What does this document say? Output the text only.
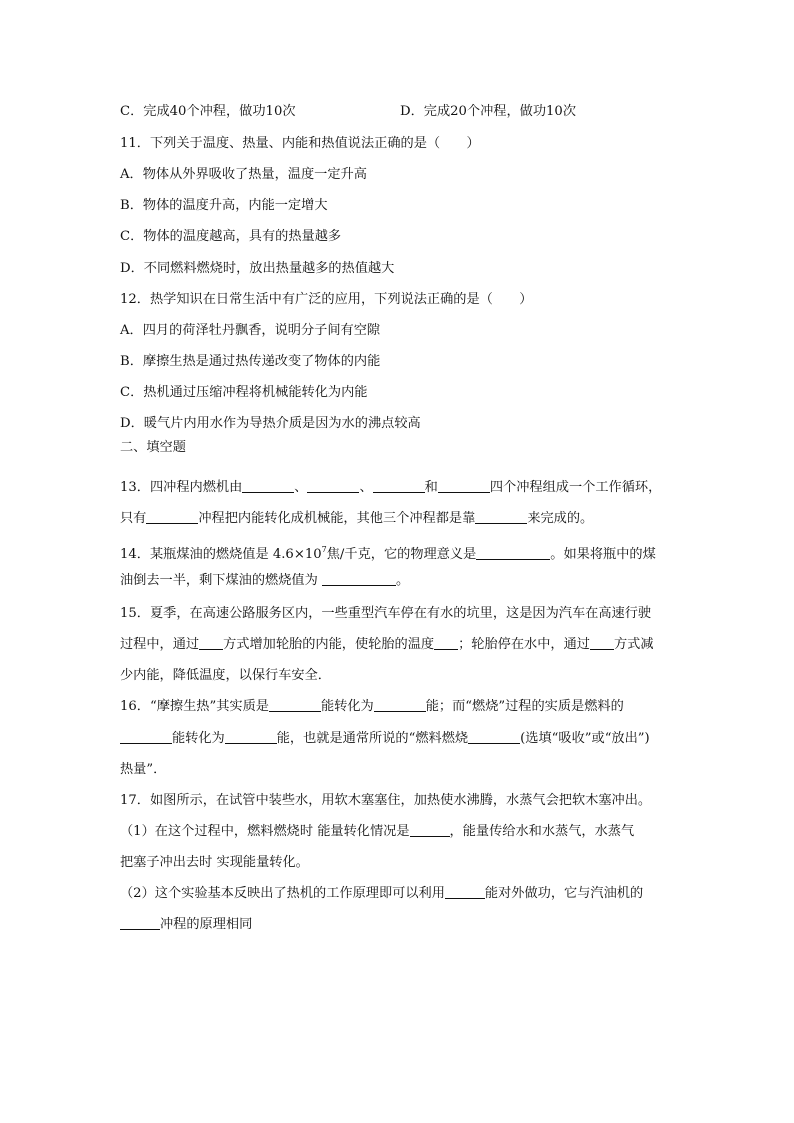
C．完成40个冲程，做功10次	D．完成20个冲程，做功10次
11．下列关于温度、热量、内能和热值说法正确的是（　　）
A．物体从外界吸收了热量，温度一定升高
B．物体的温度升高，内能一定增大
C．物体的温度越高，具有的热量越多
D．不同燃料燃烧时，放出热量越多的热值越大
12．热学知识在日常生活中有广泛的应用，下列说法正确的是（　　）
A．四月的荷泽牡丹飘香，说明分子间有空隙
B．摩擦生热是通过热传递改变了物体的内能
C．热机通过压缩冲程将机械能转化为内能
D．暖气片内用水作为导热介质是因为水的沸点较高
二、填空题
13．四冲程内燃机由	、	、	和	四个冲程组成一个工作循环，
只有	冲程把内能转化成机械能，其他三个冲程都是靠	来完成的。
14．某瓶煤油的燃烧值是 $4.6\times 10^7$焦/千克，它的物理意义是	。如果将瓶中的煤
油倒去一半，剩下煤油的燃烧值为	。
15．夏季，在高速公路服务区内，一些重型汽车停在有水的坑里，这是因为汽车在高速行驶
过程中，通过 方式增加轮胎的内能，使轮胎的温度 ；轮胎停在水中，通过 方式减
少内能，降低温度，以保行车安全．
16．“摩擦生热”其实质是	能转化为	能；而“燃烧”过程的实质是燃料的
能转化为	能，也就是通常所说的“燃料燃烧	(选填“吸收”或“放出”)
热量”．
17．如图所示，在试管中装些水，用软木塞塞住，加热使水沸腾，水蒸气会把软木塞冲出。
（1）在这个过程中，燃料燃烧时 能量转化情况是	，能量传给水和水蒸气，水蒸气
把塞子冲出去时 实现能量转化。
（2）这个实验基本反映出了热机的工作原理即可以利用	能对外做功，它与汽油机的
冲程的原理相同
